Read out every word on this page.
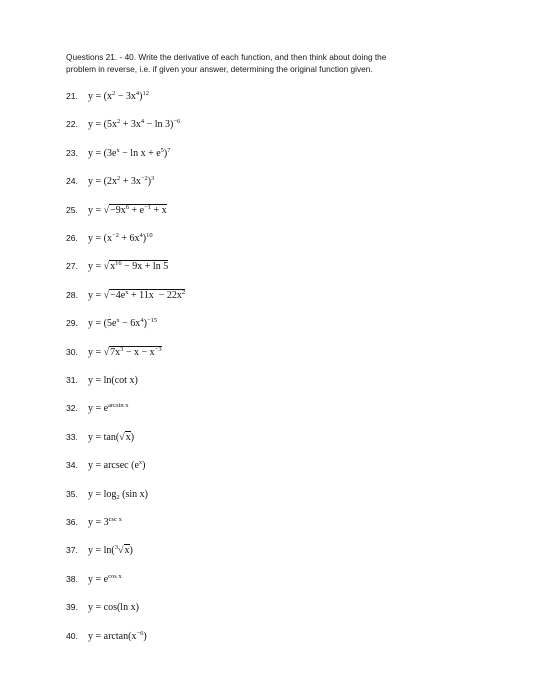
Questions 21. - 40. Write the derivative of each function, and then think about doing the
problem in reverse, i.e. if given your answer, determining the original function given.
21. $y = (x^2 - 3x^4)^{12}$
22. $y = (5x^2 + 3x^4 - \ln 3)^{-6}$
23. $y = (3e^x - \ln x + e^5)^7$
24. $y = (2x^2 + 3x^{-2})^3$
25. $y = √-9x^6 + e^{-1} + x$
26. $y = (x^{-2} + 6x^4)^{10}$
27. $y = √x^{16} - 9x + \ln 5$
28. $y = √-4e^x + 11x - 22x^2$
29. $y = (5e^x - 6x^4)^{-15}$
30. $y = √7x^3 - x - x^{-3}$
31. y = ln(cot x)
32. $y = e^{arcsin x}$
33. y = tan(√x)
34. y = arcsec $(e^x)$
35. $y = \log_2 (\sin$ x)
36. $y = 3^{csc x}$
37. y = ln($^3$√x)
38. $y = e^{cos x}$
39. y = cos(ln x)
40. $y = \arctan(x^{-6})$
